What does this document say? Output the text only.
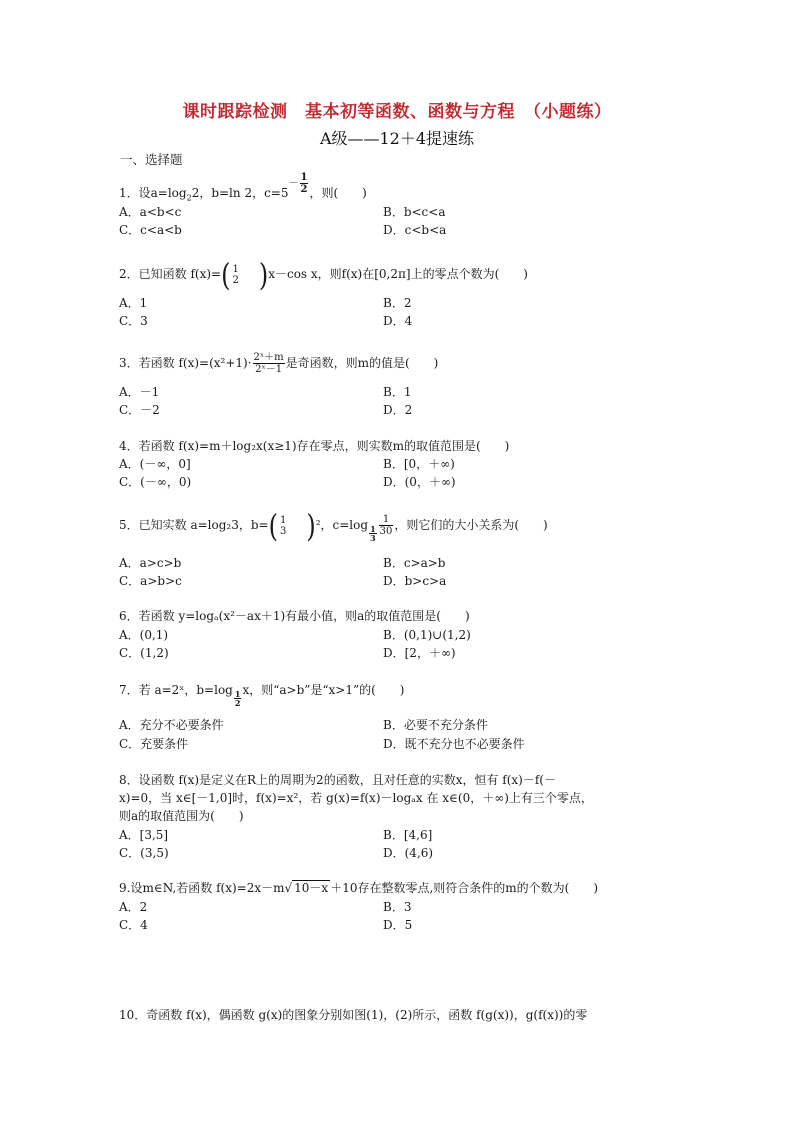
课时跟踪检测　基本初等函数、函数与方程　（小题练）
A级——12＋4提速练
一、选择题
1．设$a=\log_22$，b=ln 2，$c=5^{- \frac{1}{2}}$ ，则(　　)
A．a<b<c	B．b<c<a
C．c<a<b	D．c<b<a
2．已知函数 f(x)=( 1
2 )x－cos x，则f(x)在[0,2π]上的零点个数为(　　)
A．1	B．2
C．3	D．4
3．若函数 $f(x)=(x^2+1)\cdot \frac{\text{2ˣ＋m}}{\text{2ˣ－1}}$ 是奇函数，则m的值是(　　)
A．－1	B．1
C．－2	D．2
4．若函数 f(x)=m＋log₂x(x≥1)存在零点，则实数m的取值范围是(　　)
A．(－∞，0]	B．[0，＋∞)
C．(－∞，0)	D．(0，＋∞)
5．已知实数 a=log₂3，b=( 1
3 )²，$c=\log \frac{1}{3} \frac{1}{30}$ ，则它们的大小关系为(　　)
A．a>c>b	B．c>a>b
C．a>b>c	D．b>c>a
6．若函数 y=logₐ(x²－ax＋1)有最小值，则a的取值范围是(　　)
A．(0,1)	B．(0,1)∪(1,2)
C．(1,2)	D．[2，＋∞)
7．若 a=2ˣ，$b=\log \frac{1}{2}$ x，则“a>b”是“x>1”的(　　)
A．充分不必要条件	B．必要不充分条件
C．充要条件	D．既不充分也不必要条件
8．设函数 f(x)是定义在R上的周期为2的函数，且对任意的实数x，恒有 f(x)－f(－
x)=0，当 x∈[－1,0]时，f(x)=x²，若 g(x)=f(x)－logₐx 在 x∈(0，＋∞)上有三个零点，
则a的取值范围为(　　)
A．[3,5]	B．[4,6]
C．(3,5)	D．(4,6)
9.设m∈N,若函数 f(x)=2x－m√ 10－x ＋10存在整数零点,则符合条件的m的个数为(　　)
A．2	B．3
C．4	D．5
10．奇函数 f(x)，偶函数 g(x)的图象分别如图(1)，(2)所示，函数 f(g(x))，g(f(x))的零
